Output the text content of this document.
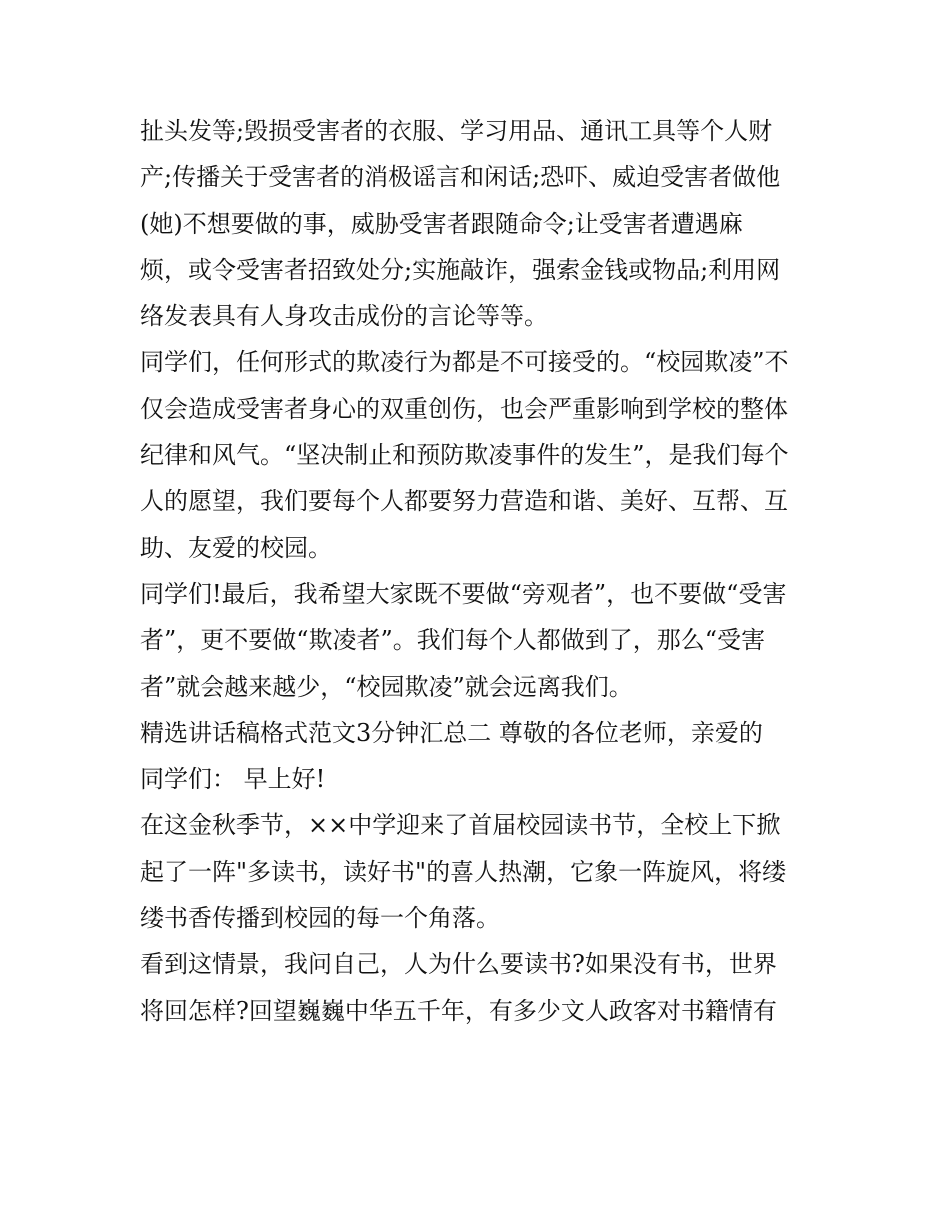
扯头发等;毁损受害者的衣服、学习用品、通讯工具等个人财
产;传播关于受害者的消极谣言和闲话;恐吓、威迫受害者做他
(她)不想要做的事，威胁受害者跟随命令;让受害者遭遇麻
烦，或令受害者招致处分;实施敲诈，强索金钱或物品;利用网
络发表具有人身攻击成份的言论等等。
同学们，任何形式的欺凌行为都是不可接受的。“校园欺凌”不
仅会造成受害者身心的双重创伤，也会严重影响到学校的整体
纪律和风气。“坚决制止和预防欺凌事件的发生”，是我们每个
人的愿望，我们要每个人都要努力营造和谐、美好、互帮、互
助、友爱的校园。
同学们!最后，我希望大家既不要做“旁观者”，也不要做“受害
者”，更不要做“欺凌者”。我们每个人都做到了，那么“受害
者”就会越来越少，“校园欺凌”就会远离我们。
精选讲话稿格式范文3分钟汇总二 尊敬的各位老师，亲爱的
同学们： 早上好!
在这金秋季节，××中学迎来了首届校园读书节，全校上下掀
起了一阵"多读书，读好书"的喜人热潮，它象一阵旋风，将缕
缕书香传播到校园的每一个角落。
看到这情景，我问自己，人为什么要读书?如果没有书，世界
将回怎样?回望巍巍中华五千年，有多少文人政客对书籍情有
